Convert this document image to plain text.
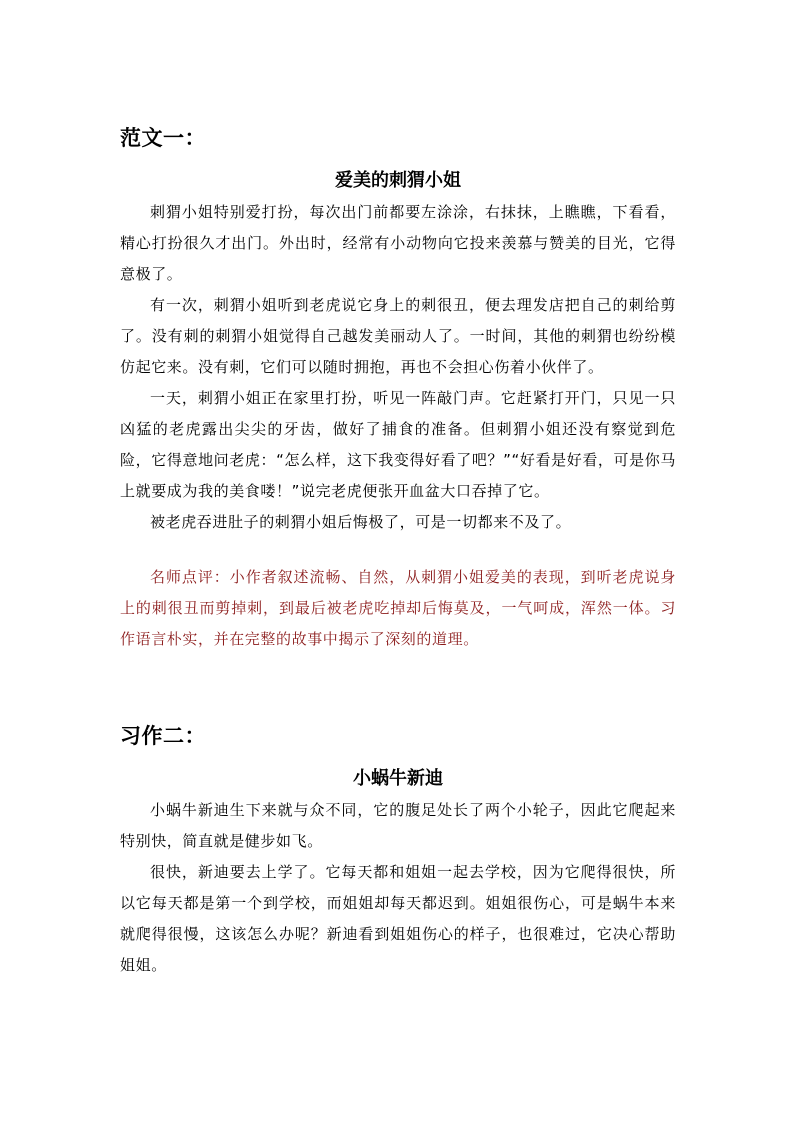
范文一：
爱美的刺猬小姐

刺猬小姐特别爱打扮，每次出门前都要左涂涂，右抹抹，上瞧瞧，下看看，精心打扮很久才出门。外出时，经常有小动物向它投来羡慕与赞美的目光，它得意极了。

有一次，刺猬小姐听到老虎说它身上的刺很丑，便去理发店把自己的刺给剪了。没有刺的刺猬小姐觉得自己越发美丽动人了。一时间，其他的刺猬也纷纷模仿起它来。没有刺，它们可以随时拥抱，再也不会担心伤着小伙伴了。

一天，刺猬小姐正在家里打扮，听见一阵敲门声。它赶紧打开门，只见一只凶猛的老虎露出尖尖的牙齿，做好了捕食的准备。但刺猬小姐还没有察觉到危险，它得意地问老虎：“怎么样，这下我变得好看了吧？”“好看是好看，可是你马上就要成为我的美食喽！”说完老虎便张开血盆大口吞掉了它。

被老虎吞进肚子的刺猬小姐后悔极了，可是一切都来不及了。

名师点评：小作者叙述流畅、自然，从刺猬小姐爱美的表现，到听老虎说身上的刺很丑而剪掉刺，到最后被老虎吃掉却后悔莫及，一气呵成，浑然一体。习作语言朴实，并在完整的故事中揭示了深刻的道理。

习作二：
小蜗牛新迪

小蜗牛新迪生下来就与众不同，它的腹足处长了两个小轮子，因此它爬起来特别快，简直就是健步如飞。

很快，新迪要去上学了。它每天都和姐姐一起去学校，因为它爬得很快，所以它每天都是第一个到学校，而姐姐却每天都迟到。姐姐很伤心，可是蜗牛本来就爬得很慢，这该怎么办呢？新迪看到姐姐伤心的样子，也很难过，它决心帮助姐姐。
